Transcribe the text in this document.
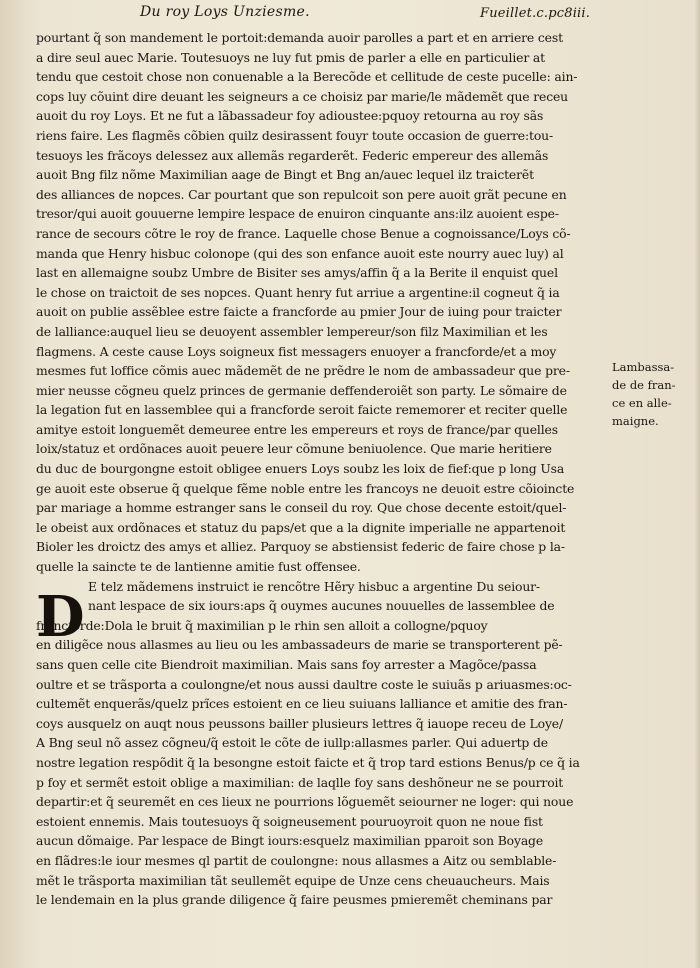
Du roy Loys Unziesme.	Fueillet.c.pc8iii.
pourtant q̃ son mandement le portoit:demanda auoir parolles a part et en arriere cest
a dire seul auec Marie. Toutesuoys ne luy fut pmis de parler a elle en particulier at
tendu que cestoit chose non conuenable a la Berecõde et cellitude de ceste pucelle: ain-
cops luy cõuint dire deuant les seigneurs a ce choisiz par marie/le mãdemẽt que receu
auoit du roy Loys. Et ne fut a lãbassadeur foy adioustee:pquoy retourna au roy sãs
riens faire. Les flagmẽs cõbien quilz desirassent fouyr toute occasion de guerre:tou-
tesuoys les frãcoys delessez aux allemãs regarderẽt. Federic empereur des allemãs
auoit Bng filz nõme Maximilian aage de Bingt et Bng an/auec lequel ilz traicterẽt
des alliances de nopces. Car pourtant que son repulcoit son pere auoit grãt pecune en
tresor/qui auoit gouuerne lempire lespace de enuiron cinquante ans:ilz auoient espe-
rance de secours cõtre le roy de france. Laquelle chose Benue a cognoissance/Loys cõ-
manda que Henry hisbuc colonope (qui des son enfance auoit este nourry auec luy) al
last en allemaigne soubz Umbre de Bisiter ses amys/affin q̃ a la Berite il enquist quel
le chose on traictoit de ses nopces. Quant henry fut arriue a argentine:il cogneut q̃ ia
auoit on publie assẽblee estre faicte a francforde au pmier Jour de iuing pour traicter
de lalliance:auquel lieu se deuoyent assembler lempereur/son filz Maximilian et les
flagmens. A ceste cause Loys soigneux fist messagers enuoyer a francforde/et a moy
mesmes fut loffice cõmis auec mãdemẽt de ne prẽdre le nom de ambassadeur que pre-
mier neusse cõgneu quelz princes de germanie deffenderoiẽt son party. Le sõmaire de
la legation fut en lassemblee qui a francforde seroit faicte rememorer et reciter quelle
amitye estoit longuemẽt demeuree entre les empereurs et roys de france/par quelles
loix/statuz et ordõnaces auoit peuere leur cõmune beniuolence. Que marie heritiere
du duc de bourgongne estoit obligee enuers Loys soubz les loix de fief:que p long Usa
ge auoit este obserue q̃ quelque fẽme noble entre les francoys ne deuoit estre cõioincte
par mariage a homme estranger sans le conseil du roy. Que chose decente estoit/quel-
le obeist aux ordõnaces et statuz du paps/et que a la dignite imperialle ne appartenoit
Bioler les droictz des amys et alliez. Parquoy se abstiensist federic de faire chose p la-
quelle la saincte te de lantienne amitie fust offensee.
E telz mãdemens instruict ie rencõtre Hẽry hisbuc a argentine Du seiour-
nant lespace de six iours:aps q̃ ouymes aucunes nouuelles de lassemblee de
francforde:Dola le bruit q̃ maximilian p le rhin sen alloit a collogne/pquoy
en diligẽce nous allasmes au lieu ou les ambassadeurs de marie se transporterent pẽ-
sans quen celle cite Biendroit maximilian. Mais sans foy arrester a Magõce/passa
oultre et se trãsporta a coulongne/et nous aussi daultre coste le suiuãs p ariuasmes:oc-
cultemẽt enquerãs/quelz prĩces estoient en ce lieu suiuans lalliance et amitie des fran-
coys ausquelz on auqt nous peussons bailler plusieurs lettres q̃ iauope receu de Loye/
A Bng seul nõ assez cõgneu/q̃ estoit le cõte de iullp:allasmes parler. Qui aduertp de
nostre legation respõdit q̃ la besongne estoit faicte et q̃ trop tard estions Benus/p ce q̃ ia
p foy et sermẽt estoit oblige a maximilian: de laqlle foy sans deshõneur ne se pourroit
departir:et q̃ seuremẽt en ces lieux ne pourrions lõguemẽt seiourner ne loger: qui noue
estoient ennemis. Mais toutesuoys q̃ soigneusement pouruoyroit quon ne noue fist
aucun dõmaige. Par lespace de Bingt iours:esquelz maximilian pparoit son Boyage
en flãdres:le iour mesmes ql partit de coulongne: nous allasmes a Aitz ou semblable-
mẽt le trãsporta maximilian tãt seullemẽt equipe de Unze cens cheuaucheurs. Mais
le lendemain en la plus grande diligence q̃ faire peusmes pmieremẽt cheminans par
D
Lambassa-
de de fran-
ce en alle-
maigne.
